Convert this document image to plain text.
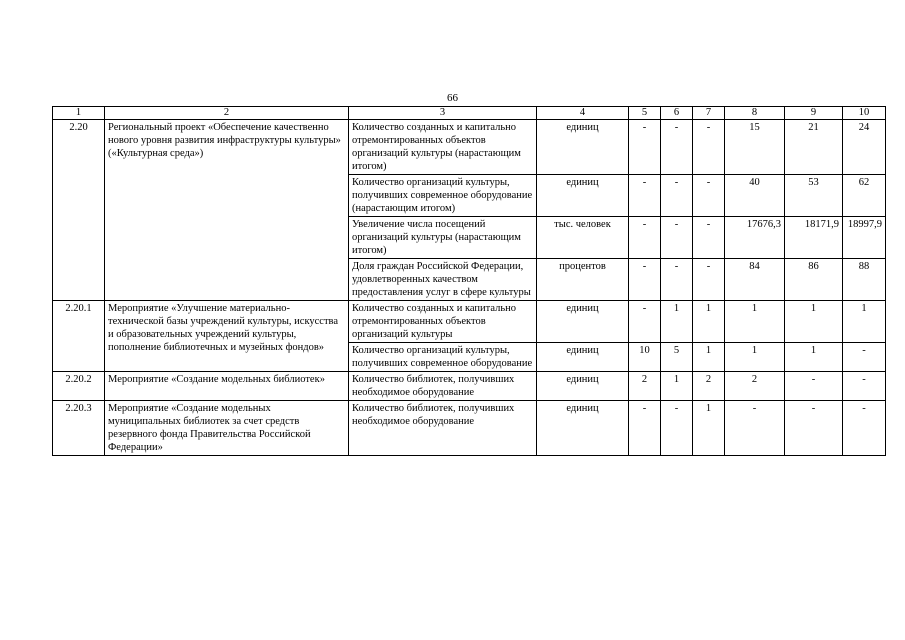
66
1	2	3	4	5	6	7	8	9	10
2.20	Региональный проект «Обеспечение качественно нового уровня развития инфраструктуры культуры» («Культурная среда»)	Количество созданных и капитально отремонтированных объектов организаций культуры (нарастающим итогом)	единиц	-	-	-	15	21	24
		Количество организаций культуры, получивших современное оборудование (нарастающим итогом)	единиц	-	-	-	40	53	62
		Увеличение числа посещений организаций культуры (нарастающим итогом)	тыс. человек	-	-	-	17676,3	18171,9	18997,9
		Доля граждан Российской Федерации, удовлетворенных качеством предоставления услуг в сфере культуры	процентов	-	-	-	84	86	88
2.20.1	Мероприятие «Улучшение материально-технической базы учреждений культуры, искусства и образовательных учреждений культуры, пополнение библиотечных и музейных фондов»	Количество созданных и капитально отремонтированных объектов организаций культуры	единиц	-	1	1	1	1	1
		Количество организаций культуры, получивших современное оборудование	единиц	10	5	1	1	1	-
2.20.2	Мероприятие «Создание модельных библиотек»	Количество библиотек, получивших необходимое оборудование	единиц	2	1	2	2	-	-
2.20.3	Мероприятие «Создание модельных муниципальных библиотек за счет средств резервного фонда Правительства Российской Федерации»	Количество библиотек, получивших необходимое оборудование	единиц	-	-	1	-	-	-
